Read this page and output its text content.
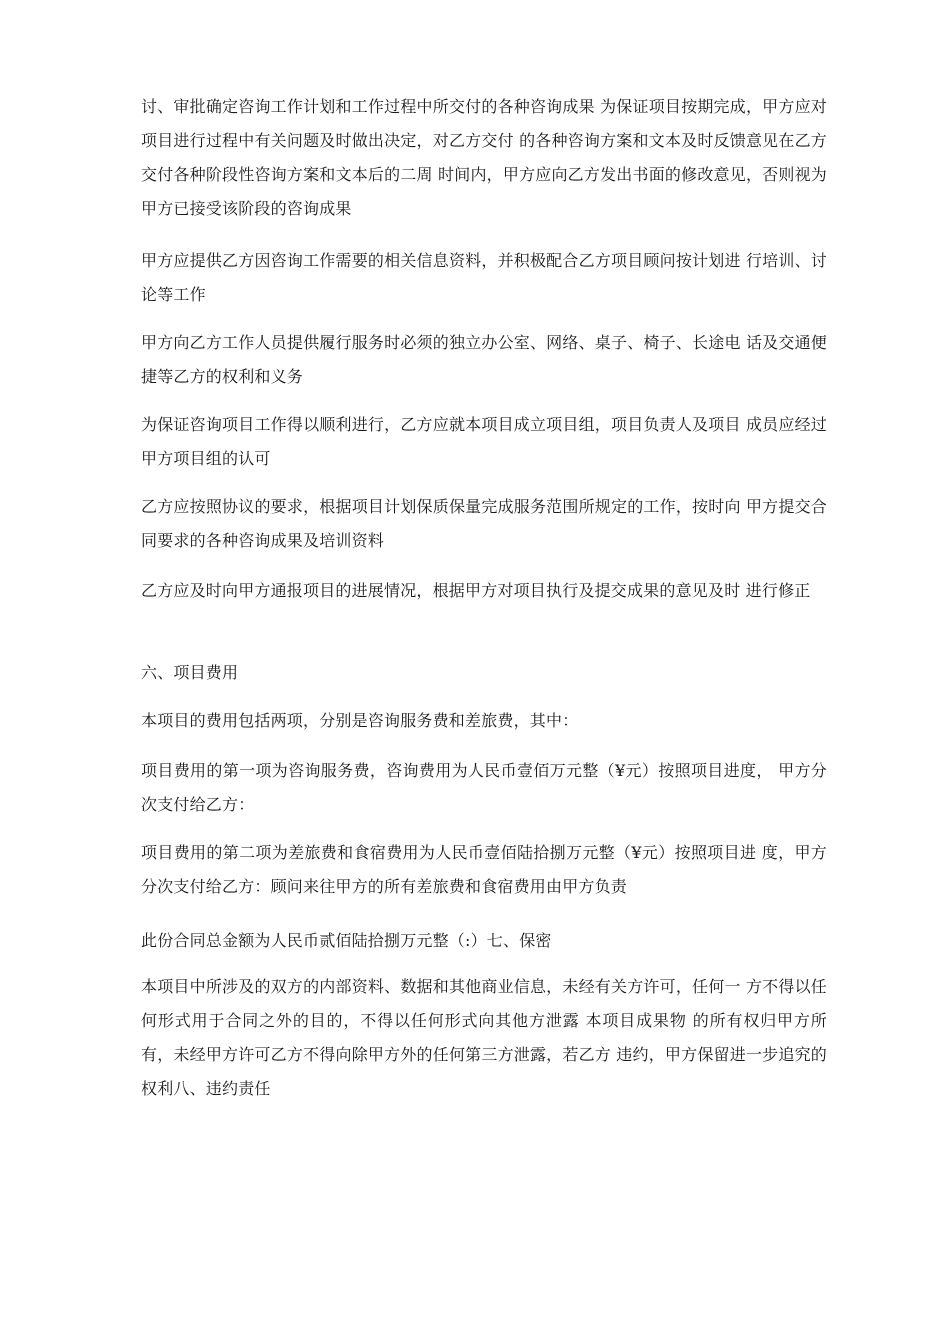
讨、审批确定咨询工作计划和工作过程中所交付的各种咨询成果 为保证项目按期完成，甲方应对项目进行过程中有关问题及时做出决定，对乙方交付 的各种咨询方案和文本及时反馈意见在乙方交付各种阶段性咨询方案和文本后的二周 时间内，甲方应向乙方发出书面的修改意见，否则视为甲方已接受该阶段的咨询成果

甲方应提供乙方因咨询工作需要的相关信息资料，并积极配合乙方项目顾问按计划进 行培训、讨论等工作

甲方向乙方工作人员提供履行服务时必须的独立办公室、网络、桌子、椅子、长途电 话及交通便捷等乙方的权利和义务

为保证咨询项目工作得以顺利进行，乙方应就本项目成立项目组，项目负责人及项目 成员应经过甲方项目组的认可

乙方应按照协议的要求，根据项目计划保质保量完成服务范围所规定的工作，按时向 甲方提交合同要求的各种咨询成果及培训资料

乙方应及时向甲方通报项目的进展情况，根据甲方对项目执行及提交成果的意见及时 进行修正

六、项目费用

本项目的费用包括两项，分别是咨询服务费和差旅费，其中：

项目费用的第一项为咨询服务费，咨询费用为人民币壹佰万元整（¥元）按照项目进度， 甲方分次支付给乙方：

项目费用的第二项为差旅费和食宿费用为人民币壹佰陆拾捌万元整（¥元）按照项目进 度，甲方分次支付给乙方：顾问来往甲方的所有差旅费和食宿费用由甲方负责

此份合同总金额为人民币贰佰陆拾捌万元整（:）七、保密

本项目中所涉及的双方的内部资料、数据和其他商业信息，未经有关方许可，任何一 方不得以任何形式用于合同之外的目的，不得以任何形式向其他方泄露 本项目成果物 的所有权归甲方所有，未经甲方许可乙方不得向除甲方外的任何第三方泄露，若乙方 违约，甲方保留进一步追究的权利八、违约责任
